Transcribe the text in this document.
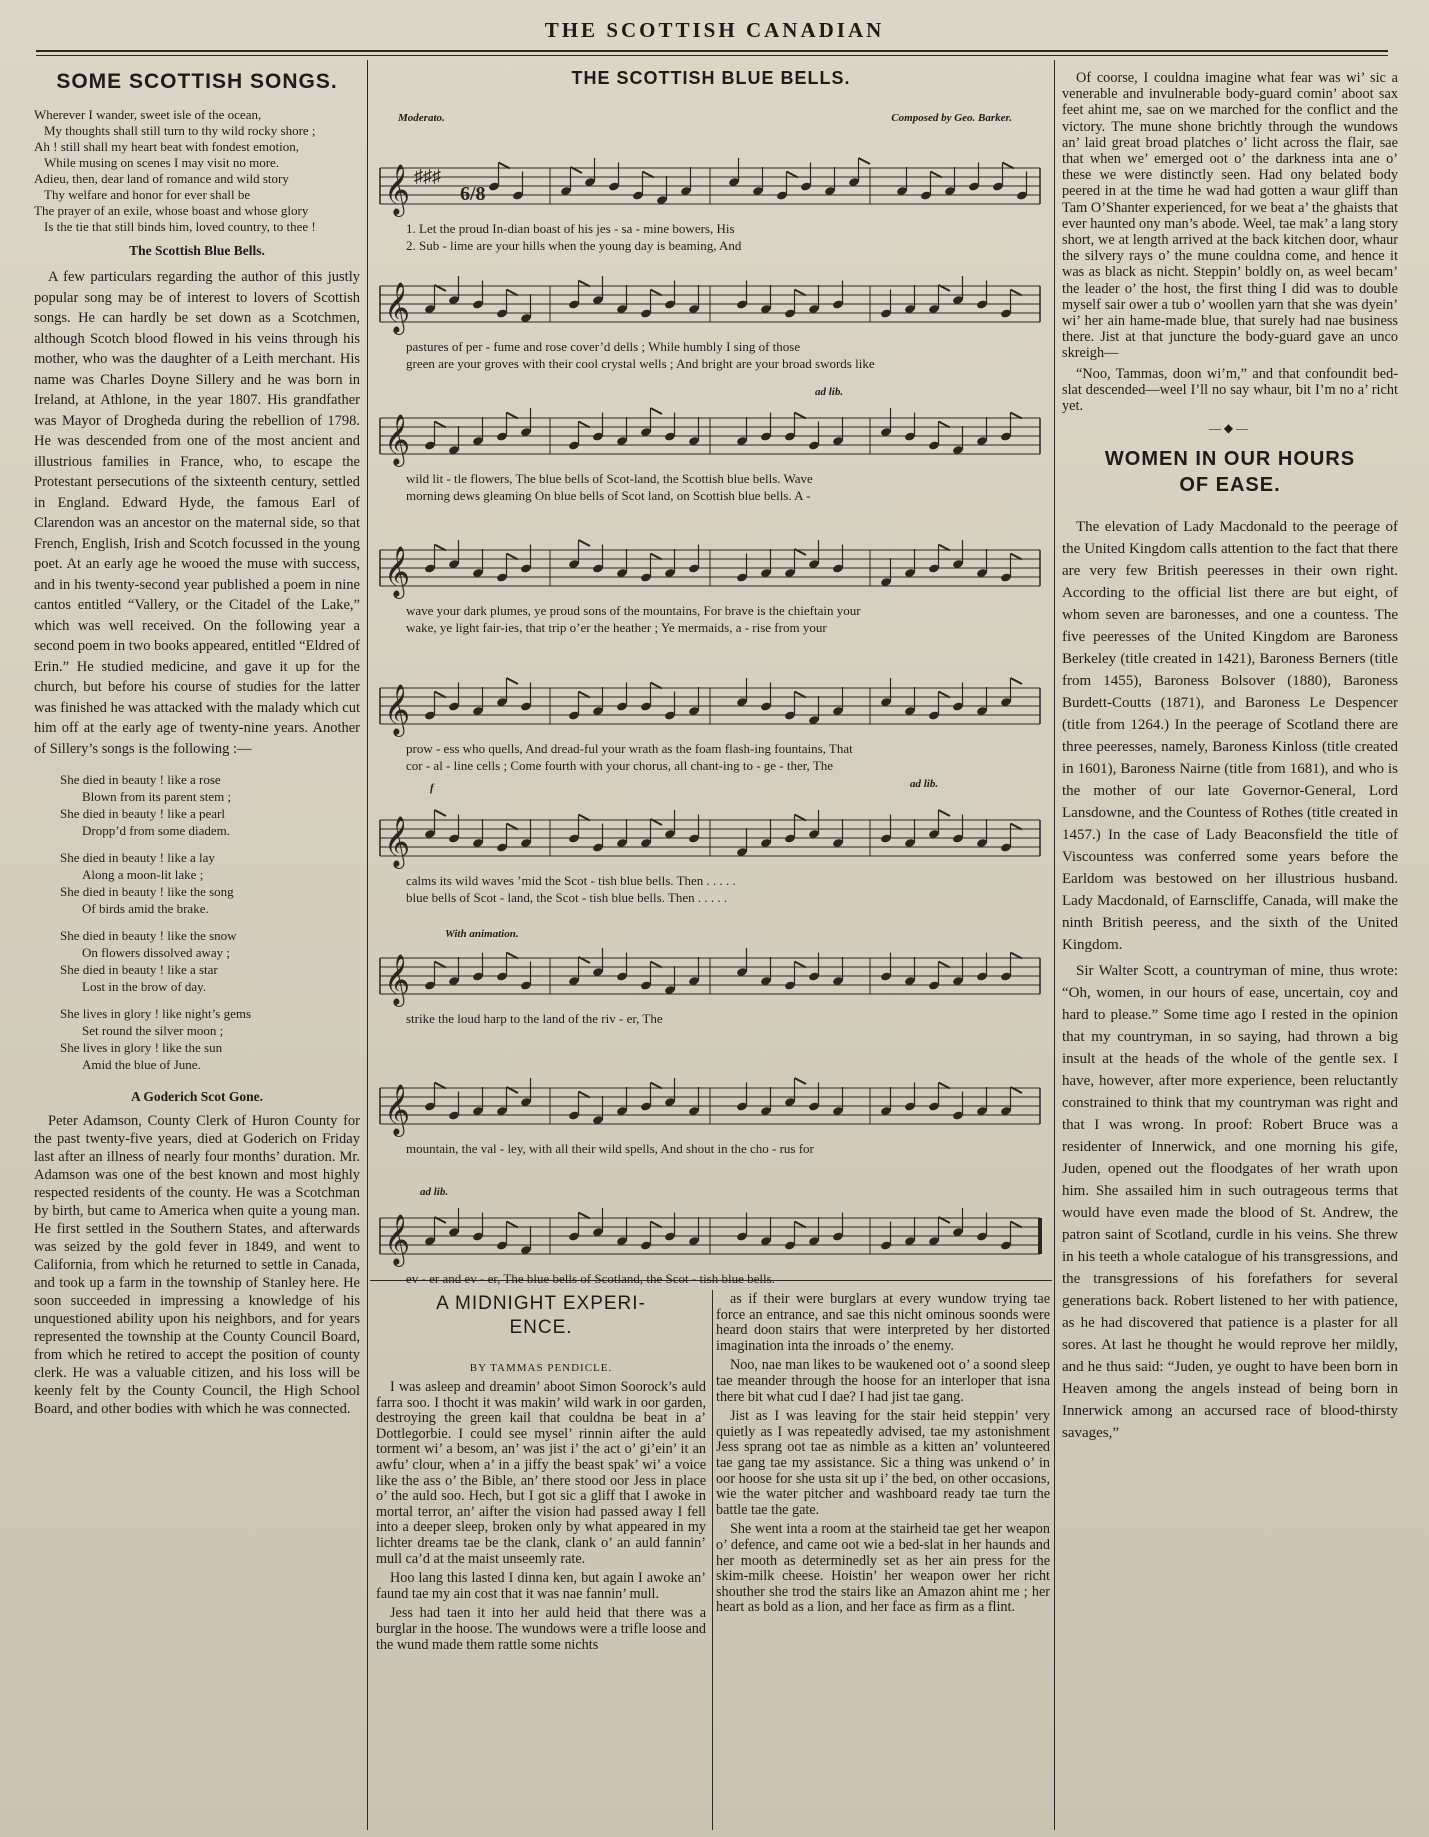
THE SCOTTISH CANADIAN
SOME SCOTTISH SONGS.
Wherever I wander, sweet isle of the ocean,
My thoughts shall still turn to thy wild rocky shore ;
Ah ! still shall my heart beat with fondest emotion,
While musing on scenes I may visit no more.
Adieu, then, dear land of romance and wild story
Thy welfare and honor for ever shall be
The prayer of an exile, whose boast and whose glory
Is the tie that still binds him, loved country, to thee !
The Scottish Blue Bells.

A few particulars regarding the author of this justly popular song may be of interest to lovers of Scottish songs. He can hardly be set down as a Scotchmen, although Scotch blood flowed in his veins through his mother, who was the daughter of a Leith merchant. His name was Charles Doyne Sillery and he was born in Ireland, at Athlone, in the year 1807. His grandfather was Mayor of Drogheda during the rebellion of 1798. He was descended from one of the most ancient and illustrious families in France, who, to escape the Protestant persecutions of the sixteenth century, settled in England. Edward Hyde, the famous Earl of Clarendon was an ancestor on the maternal side, so that French, English, Irish and Scotch focussed in the young poet. At an early age he wooed the muse with success, and in his twenty-second year published a poem in nine cantos entitled “Vallery, or the Citadel of the Lake,” which was well received. On the following year a second poem in two books appeared, entitled “Eldred of Erin.” He studied medicine, and gave it up for the church, but before his course of studies for the latter was finished he was attacked with the malady which cut him off at the early age of twenty-nine years. Another of Sillery’s songs is the following :—

She died in beauty ! like a rose
Blown from its parent stem ;
She died in beauty ! like a pearl
Dropp’d from some diadem.
She died in beauty ! like a lay
Along a moon-lit lake ;
She died in beauty ! like the song
Of birds amid the brake.
She died in beauty ! like the snow
On flowers dissolved away ;
She died in beauty ! like a star
Lost in the brow of day.
She lives in glory ! like night’s gems
Set round the silver moon ;
She lives in glory ! like the sun
Amid the blue of June.
A Goderich Scot Gone.

Peter Adamson, County Clerk of Huron County for the past twenty-five years, died at Goderich on Friday last after an illness of nearly four months’ duration. Mr. Adamson was one of the best known and most highly respected residents of the county. He was a Scotchman by birth, but came to America when quite a young man. He first settled in the Southern States, and afterwards was seized by the gold fever in 1849, and went to California, from which he returned to settle in Canada, and took up a farm in the township of Stanley here. He soon succeeded in impressing a knowledge of his unquestioned ability upon his neighbors, and for years represented the township at the County Council Board, from which he retired to accept the position of county clerk. He was a valuable citizen, and his loss will be keenly felt by the County Council, the High School Board, and other bodies with which he was connected.

THE SCOTTISH BLUE BELLS.
Moderato.	Composed by Geo. Barker.
𝄞 ♯♯♯
6/8
1. Let the proud In-dian boast of his jes - sa - mine bowers, His
2. Sub - lime are your hills when the young day is beaming, And
𝄞
pastures of per - fume and rose cover’d dells ; While humbly I sing of those
green are your groves with their cool crystal wells ; And bright are your broad swords like
𝄞
wild lit - tle flowers, The blue bells of Scot-land, the Scottish blue bells. Wave
morning dews gleaming On blue bells of Scot land, on Scottish blue bells. A -
𝄞
wave your dark plumes, ye proud sons of the mountains, For brave is the chieftain your
wake, ye light fair-ies, that trip o’er the heather ; Ye mermaids, a - rise from your
𝄞
prow - ess who quells, And dread-ful your wrath as the foam flash-ing fountains, That
cor - al - line cells ; Come fourth with your chorus, all chant-ing to - ge - ther, The
𝄞
calms its wild waves ’mid the Scot - tish blue bells. Then . . . . .
blue bells of Scot - land, the Scot - tish blue bells. Then . . . . .
𝄞
strike the loud harp to the land of the riv - er, The
𝄞
mountain, the val - ley, with all their wild spells, And shout in the cho - rus for
𝄞
ev - er and ev - er, The blue bells of Scotland, the Scot - tish blue bells.
ad lib.
f	ad lib.
With animation.
ad lib.
A MIDNIGHT EXPERI-
ENCE.
BY TAMMAS PENDICLE.

I was asleep and dreamin’ aboot Simon Soorock’s auld farra soo. I thocht it was makin’ wild wark in oor garden, destroying the green kail that couldna be beat in a’ Dottlegorbie. I could see mysel’ rinnin aifter the auld torment wi’ a besom, an’ was jist i’ the act o’ gi’ein’ it an awfu’ clour, when a’ in a jiffy the beast spak’ wi’ a voice like the ass o’ the Bible, an’ there stood oor Jess in place o’ the auld soo. Hech, but I got sic a gliff that I awoke in mortal terror, an’ aifter the vision had passed away I fell into a deeper sleep, broken only by what appeared in my lichter dreams tae be the clank, clank o’ an auld fannin’ mull ca’d at the maist unseemly rate.

Hoo lang this lasted I dinna ken, but again I awoke an’ faund tae my ain cost that it was nae fannin’ mull.

Jess had taen it into her auld heid that there was a burglar in the hoose. The wundows were a trifle loose and the wund made them rattle some nichts

as if their were burglars at every wundow trying tae force an entrance, and sae this nicht ominous soonds were heard doon stairs that were interpreted by her distorted imagination inta the inroads o’ the enemy.

Noo, nae man likes to be waukened oot o’ a soond sleep tae meander through the hoose for an interloper that isna there bit what cud I dae? I had jist tae gang.

Jist as I was leaving for the stair heid steppin’ very quietly as I was repeatedly advised, tae my astonishment Jess sprang oot tae as nimble as a kitten an’ volunteered tae gang tae my assistance. Sic a thing was unkend o’ in oor hoose for she usta sit up i’ the bed, on other occasions, wie the water pitcher and washboard ready tae turn the battle tae the gate.

She went inta a room at the stairheid tae get her weapon o’ defence, and came oot wie a bed-slat in her haunds and her mooth as determinedly set as her ain press for the skim-milk cheese. Hoistin’ her weapon ower her richt shouther she trod the stairs like an Amazon ahint me ; her heart as bold as a lion, and her face as firm as a flint.

Of coorse, I couldna imagine what fear was wi’ sic a venerable and invulnerable body-guard comin’ aboot sax feet ahint me, sae on we marched for the conflict and the victory. The mune shone brichtly through the wundows an’ laid great broad platches o’ licht across the flair, sae that when we’ emerged oot o’ the darkness inta ane o’ these we were distinctly seen. Had ony belated body peered in at the time he wad had gotten a waur gliff than Tam O’Shanter experienced, for we beat a’ the ghaists that ever haunted ony man’s abode. Weel, tae mak’ a lang story short, we at length arrived at the back kitchen door, whaur the silvery rays o’ the mune couldna come, and hence it was as black as nicht. Steppin’ boldly on, as weel becam’ the leader o’ the host, the first thing I did was to double myself sair ower a tub o’ woollen yarn that she was dyein’ wi’ her ain hame-made blue, that surely had nae business there. Jist at that juncture the body-guard gave an unco skreigh—

“Noo, Tammas, doon wi’m,” and that confoundit bed-slat descended—weel I’ll no say whaur, bit I’m no a’ richt yet.

—◆—
WOMEN IN OUR HOURS
OF EASE.

The elevation of Lady Macdonald to the peerage of the United Kingdom calls attention to the fact that there are very few British peeresses in their own right. According to the official list there are but eight, of whom seven are baronesses, and one a countess. The five peeresses of the United Kingdom are Baroness Berkeley (title created in 1421), Baroness Berners (title from 1455), Baroness Bolsover (1880), Baroness Burdett-Coutts (1871), and Baroness Le Despencer (title from 1264.) In the peerage of Scotland there are three peeresses, namely, Baroness Kinloss (title created in 1601), Baroness Nairne (title from 1681), and who is the mother of our late Governor-General, Lord Lansdowne, and the Countess of Rothes (title created in 1457.) In the case of Lady Beaconsfield the title of Viscountess was conferred some years before the Earldom was bestowed on her illustrious husband. Lady Macdonald, of Earnscliffe, Canada, will make the ninth British peeress, and the sixth of the United Kingdom.

Sir Walter Scott, a countryman of mine, thus wrote: “Oh, women, in our hours of ease, uncertain, coy and hard to please.” Some time ago I rested in the opinion that my countryman, in so saying, had thrown a big insult at the heads of the whole of the gentle sex. I have, however, after more experience, been reluctantly constrained to think that my countryman was right and that I was wrong. In proof: Robert Bruce was a residenter of Innerwick, and one morning his gife, Juden, opened out the floodgates of her wrath upon him. She assailed him in such outrageous terms that would have even made the blood of St. Andrew, the patron saint of Scotland, curdle in his veins. She threw in his teeth a whole catalogue of his transgressions, and the transgressions of his forefathers for several generations back. Robert listened to her with patience, as he had discovered that patience is a plaster for all sores. At last he thought he would reprove her mildly, and he thus said: “Juden, ye ought to have been born in Heaven among the angels instead of being born in Innerwick among an accursed race of blood-thirsty savages,”
